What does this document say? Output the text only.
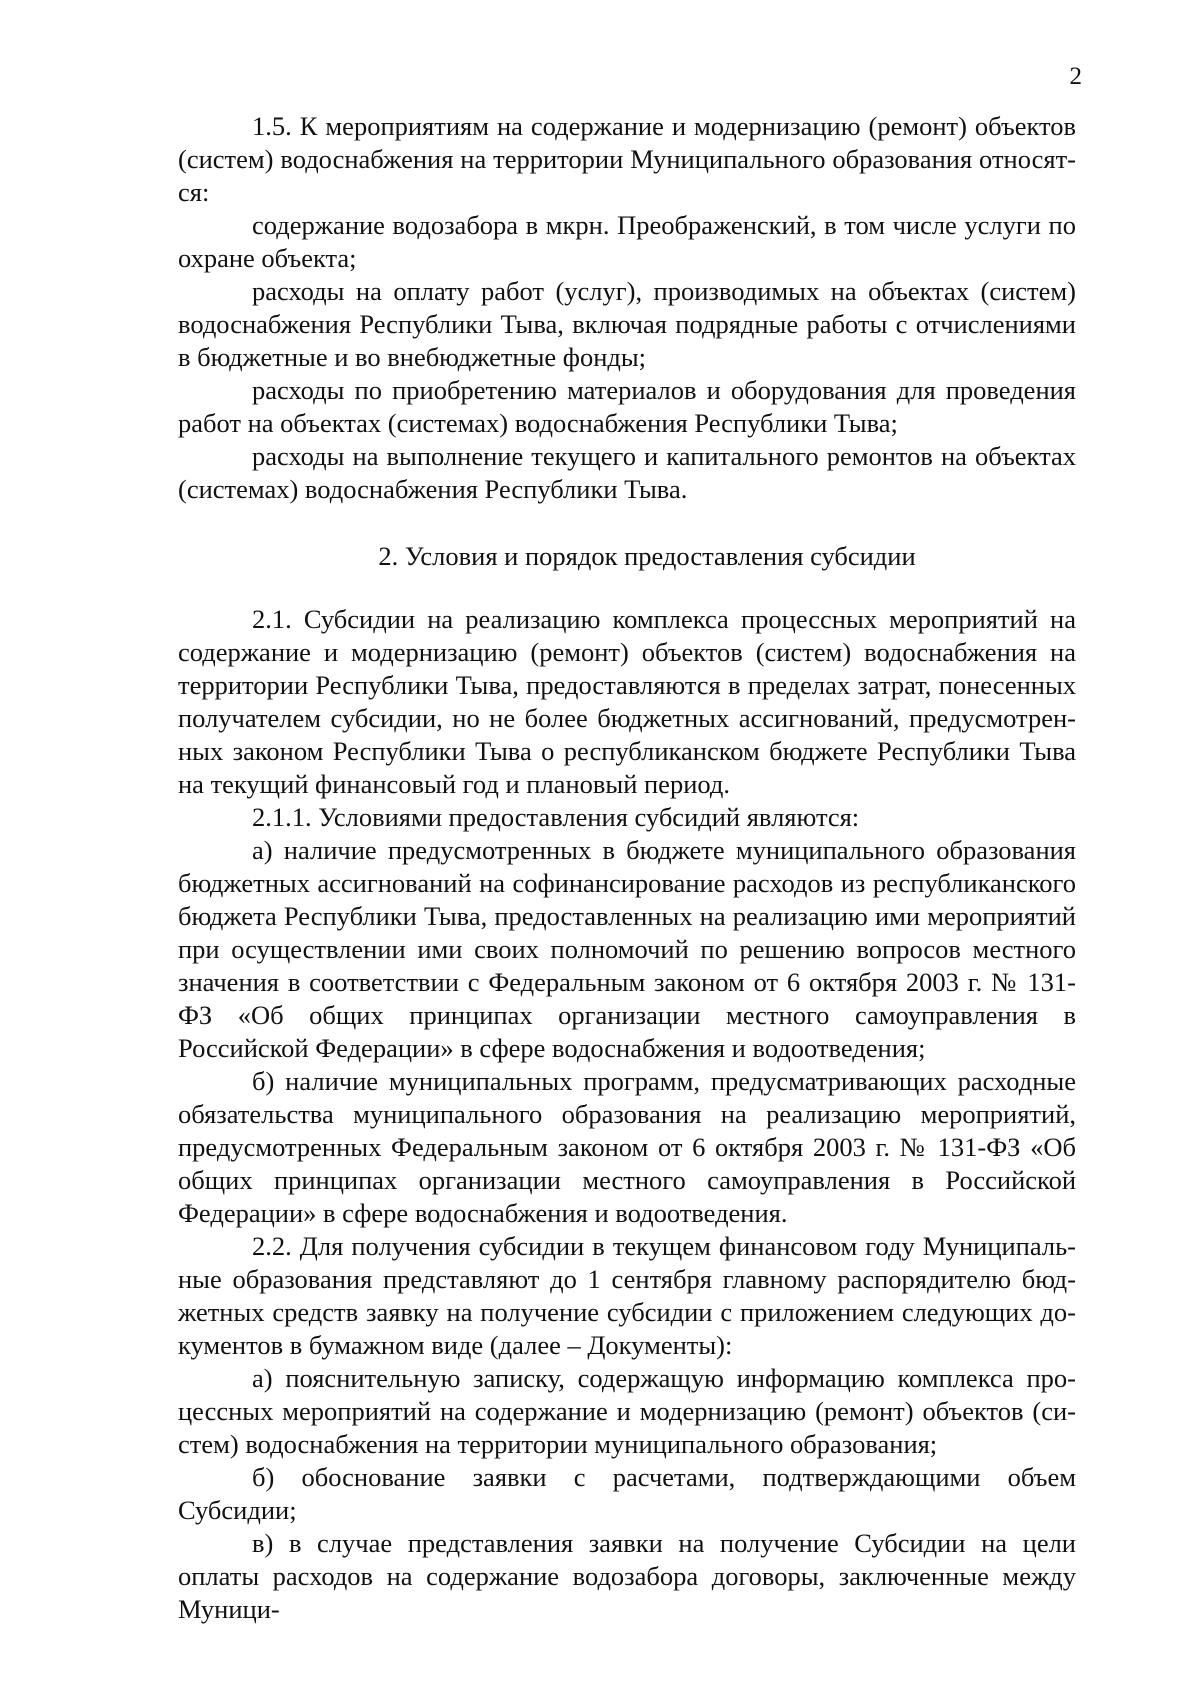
2

1.5. К мероприятиям на содержание и модернизацию (ремонт) объектов (систем) водоснабжения на территории Муниципального образования относятся:

содержание водозабора в мкрн. Преображенский, в том числе услуги по охране объекта;

расходы на оплату работ (услуг), производимых на объектах (систем) водоснабжения Республики Тыва, включая подрядные работы с отчислениями в бюджетные и во внебюджетные фонды;

расходы по приобретению материалов и оборудования для проведения работ на объектах (системах) водоснабжения Республики Тыва;

расходы на выполнение текущего и капитального ремонтов на объектах (системах) водоснабжения Республики Тыва.

2. Условия и порядок предоставления субсидии

2.1. Субсидии на реализацию комплекса процессных мероприятий на содержание и модернизацию (ремонт) объектов (систем) водоснабжения на территории Республики Тыва, предоставляются в пределах затрат, понесенных получателем субсидии, но не более бюджетных ассигнований, предусмотренных законом Республики Тыва о республиканском бюджете Республики Тыва на текущий финансовый год и плановый период.

2.1.1. Условиями предоставления субсидий являются:

а) наличие предусмотренных в бюджете муниципального образования бюджетных ассигнований на софинансирование расходов из республиканского бюджета Республики Тыва, предоставленных на реализацию ими мероприятий при осуществлении ими своих полномочий по решению вопросов местного значения в соответствии с Федеральным законом от 6 октября 2003 г. № 131-ФЗ «Об общих принципах организации местного самоуправления в Российской Федерации» в сфере водоснабжения и водоотведения;

б) наличие муниципальных программ, предусматривающих расходные обязательства муниципального образования на реализацию мероприятий, предусмотренных Федеральным законом от 6 октября 2003 г. № 131-ФЗ «Об общих принципах организации местного самоуправления в Российской Федерации» в сфере водоснабжения и водоотведения.

2.2. Для получения субсидии в текущем финансовом году Муниципальные образования представляют до 1 сентября главному распорядителю бюджетных средств заявку на получение субсидии с приложением следующих документов в бумажном виде (далее – Документы):

а) пояснительную записку, содержащую информацию комплекса процессных мероприятий на содержание и модернизацию (ремонт) объектов (систем) водоснабжения на территории муниципального образования;

б) обоснование заявки с расчетами, подтверждающими объем Субсидии;

в) в случае представления заявки на получение Субсидии на цели оплаты расходов на содержание водозабора договоры, заключенные между Муници-
